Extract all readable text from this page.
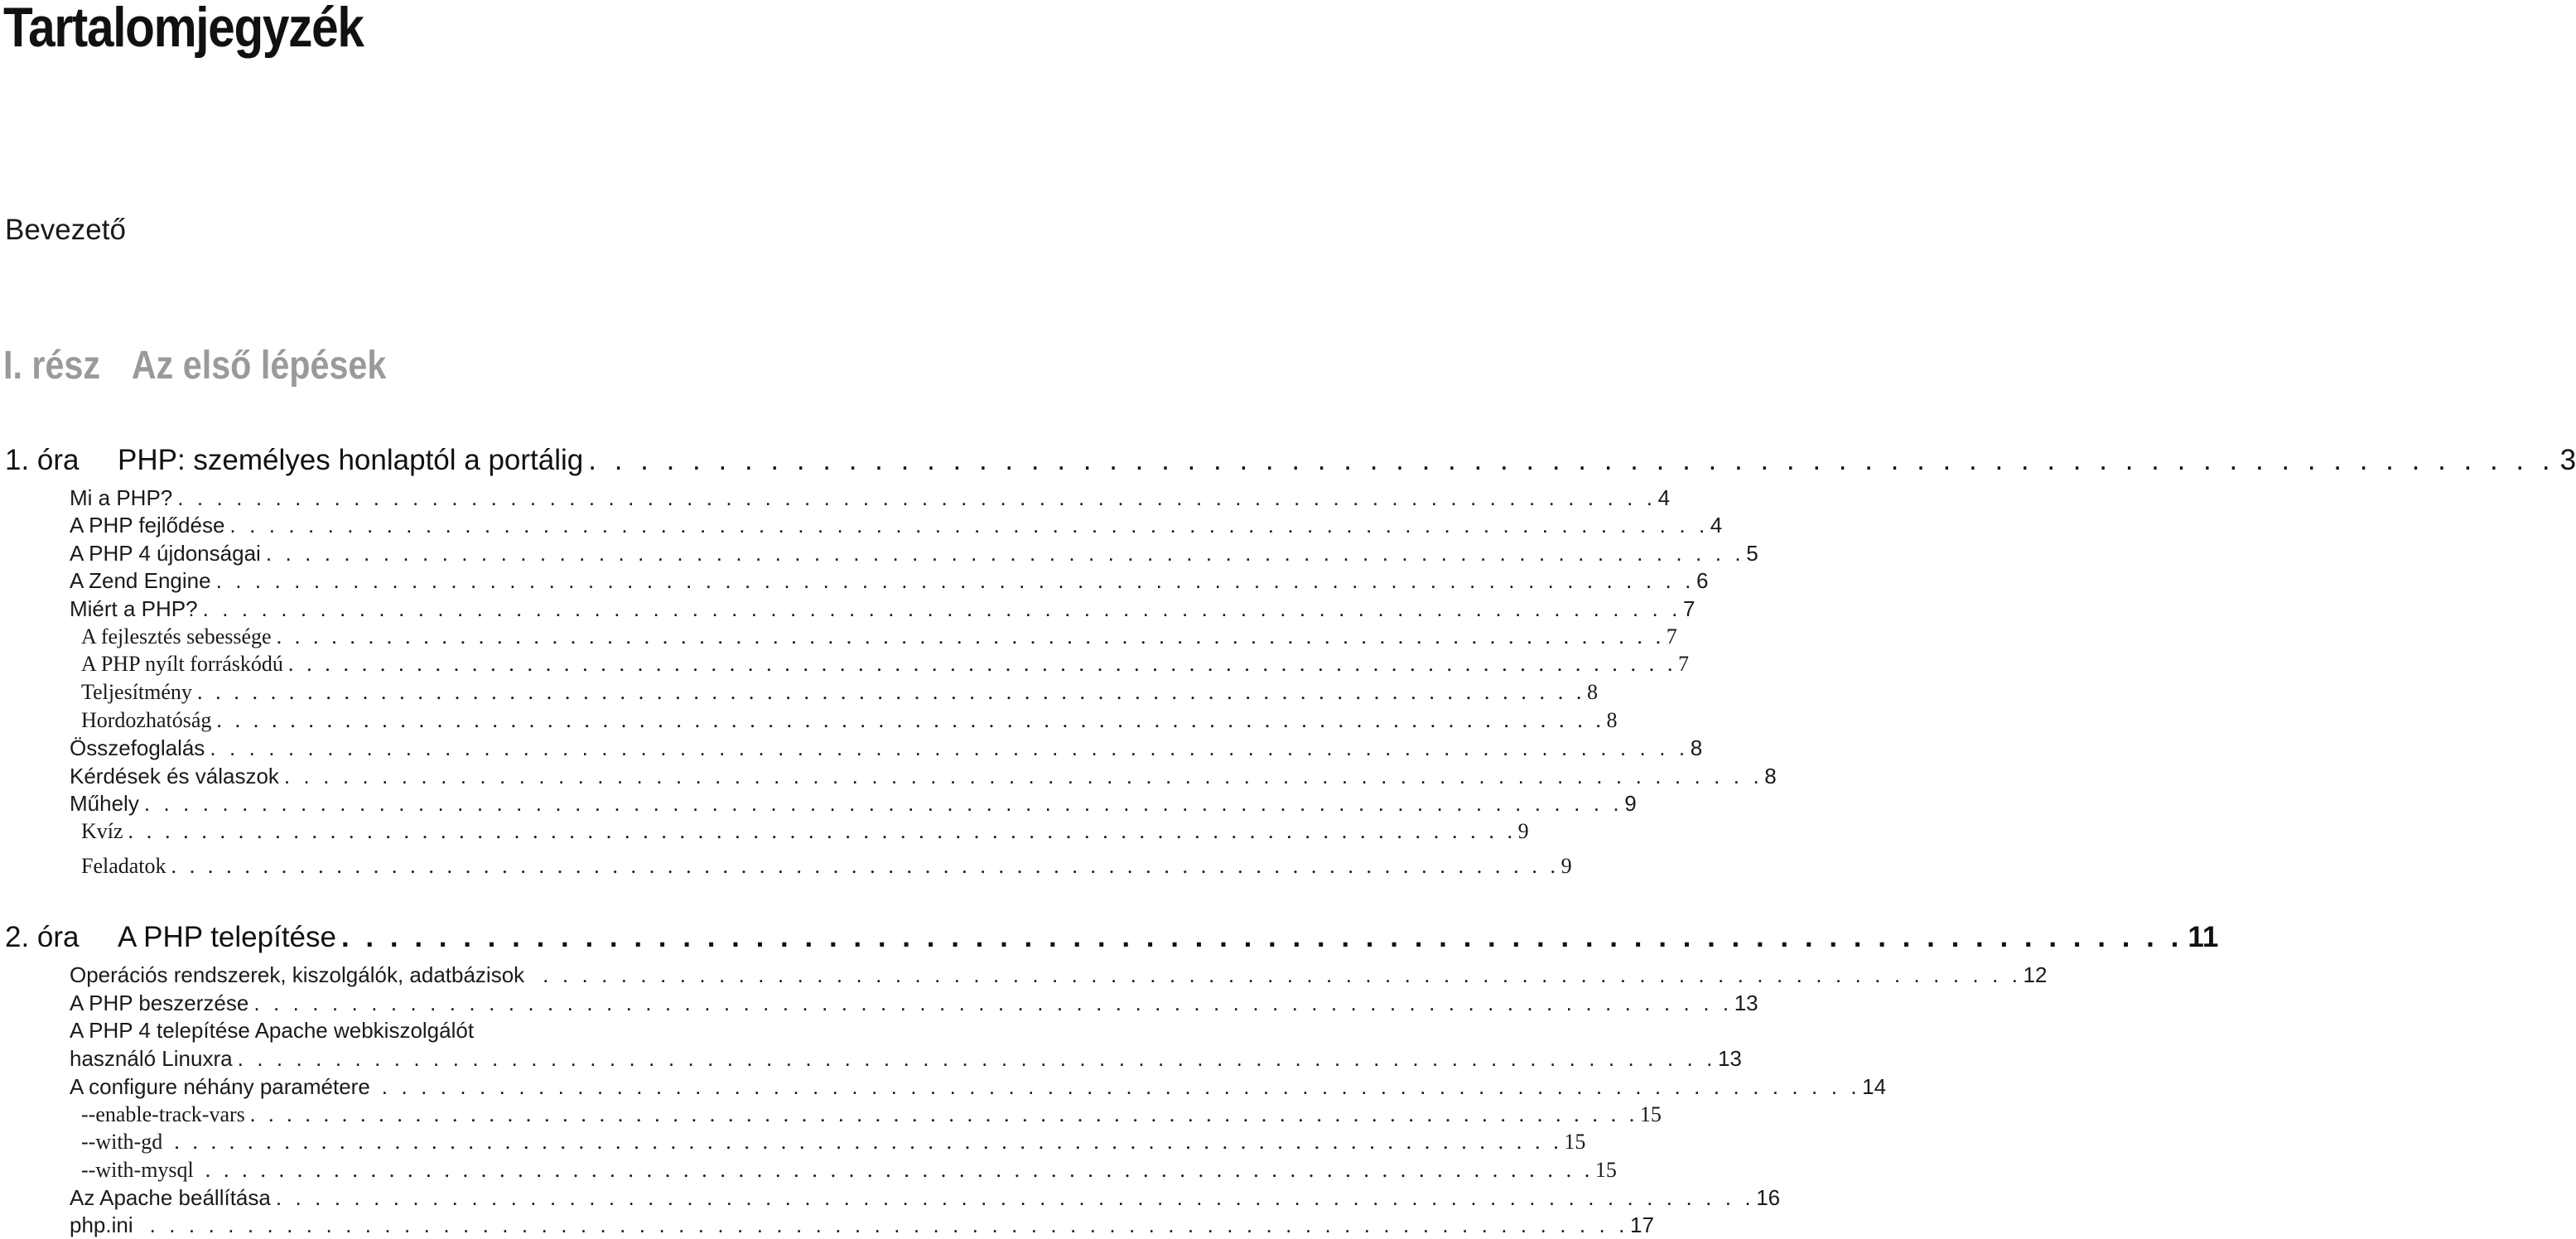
Tartalomjegyzék
Bevezető
I. rész Az első lépések
1. óra	PHP: személyes honlaptól a portálig . . . . . . . . . . . . . . . . . . . . . . . . . . . . . . . . . . . . . . . . . . . . . . . . . . . . . . . . . . . . . . . . . . . . . . . . . . . . 3
Mi a PHP? . . . . . . . . . . . . . . . . . . . . . . . . . . . . . . . . . . . . . . . . . . . . . . . . . . . . . . . . . . . . . . . . . . . . . . . . . . . . 4
A PHP fejlődése . . . . . . . . . . . . . . . . . . . . . . . . . . . . . . . . . . . . . . . . . . . . . . . . . . . . . . . . . . . . . . . . . . . . . . . . . . . . 4
A PHP 4 újdonságai . . . . . . . . . . . . . . . . . . . . . . . . . . . . . . . . . . . . . . . . . . . . . . . . . . . . . . . . . . . . . . . . . . . . . . . . . . . . 5
A Zend Engine . . . . . . . . . . . . . . . . . . . . . . . . . . . . . . . . . . . . . . . . . . . . . . . . . . . . . . . . . . . . . . . . . . . . . . . . . . . . 6
Miért a PHP? . . . . . . . . . . . . . . . . . . . . . . . . . . . . . . . . . . . . . . . . . . . . . . . . . . . . . . . . . . . . . . . . . . . . . . . . . . . . 7
A fejlesztés sebessége . . . . . . . . . . . . . . . . . . . . . . . . . . . . . . . . . . . . . . . . . . . . . . . . . . . . . . . . . . . . . . . . . . . . . . . . . . . . 7
A PHP nyílt forráskódú . . . . . . . . . . . . . . . . . . . . . . . . . . . . . . . . . . . . . . . . . . . . . . . . . . . . . . . . . . . . . . . . . . . . . . . . . . . . 7
Teljesítmény . . . . . . . . . . . . . . . . . . . . . . . . . . . . . . . . . . . . . . . . . . . . . . . . . . . . . . . . . . . . . . . . . . . . . . . . . . . . 8
Hordozhatóság . . . . . . . . . . . . . . . . . . . . . . . . . . . . . . . . . . . . . . . . . . . . . . . . . . . . . . . . . . . . . . . . . . . . . . . . . . . . 8
Összefoglalás . . . . . . . . . . . . . . . . . . . . . . . . . . . . . . . . . . . . . . . . . . . . . . . . . . . . . . . . . . . . . . . . . . . . . . . . . . . . 8
Kérdések és válaszok . . . . . . . . . . . . . . . . . . . . . . . . . . . . . . . . . . . . . . . . . . . . . . . . . . . . . . . . . . . . . . . . . . . . . . . . . . . . 8
Műhely . . . . . . . . . . . . . . . . . . . . . . . . . . . . . . . . . . . . . . . . . . . . . . . . . . . . . . . . . . . . . . . . . . . . . . . . . . . . 9
Kvíz . . . . . . . . . . . . . . . . . . . . . . . . . . . . . . . . . . . . . . . . . . . . . . . . . . . . . . . . . . . . . . . . . . . . . . . . . . . . 9
Feladatok . . . . . . . . . . . . . . . . . . . . . . . . . . . . . . . . . . . . . . . . . . . . . . . . . . . . . . . . . . . . . . . . . . . . . . . . . . . . 9
2. óra	A PHP telepítése . . . . . . . . . . . . . . . . . . . . . . . . . . . . . . . . . . . . . . . . . . . . . . . . . . . . . . . . . . . . . . . . . . . . . . . . . . . . 11
Operációs rendszerek, kiszolgálók, adatbázisok . . . . . . . . . . . . . . . . . . . . . . . . . . . . . . . . . . . . . . . . . . . . . . . . . . . . . . . . . . . . . . . . . . . . . . . . . . . . 12
A PHP beszerzése . . . . . . . . . . . . . . . . . . . . . . . . . . . . . . . . . . . . . . . . . . . . . . . . . . . . . . . . . . . . . . . . . . . . . . . . . . . . 13
A PHP 4 telepítése Apache webkiszolgálót
használó Linuxra . . . . . . . . . . . . . . . . . . . . . . . . . . . . . . . . . . . . . . . . . . . . . . . . . . . . . . . . . . . . . . . . . . . . . . . . . . . . 13
A configure néhány paramétere . . . . . . . . . . . . . . . . . . . . . . . . . . . . . . . . . . . . . . . . . . . . . . . . . . . . . . . . . . . . . . . . . . . . . . . . . . . . 14
--enable-track-vars . . . . . . . . . . . . . . . . . . . . . . . . . . . . . . . . . . . . . . . . . . . . . . . . . . . . . . . . . . . . . . . . . . . . . . . . . . . . 15
--with-gd . . . . . . . . . . . . . . . . . . . . . . . . . . . . . . . . . . . . . . . . . . . . . . . . . . . . . . . . . . . . . . . . . . . . . . . . . . . . 15
--with-mysql . . . . . . . . . . . . . . . . . . . . . . . . . . . . . . . . . . . . . . . . . . . . . . . . . . . . . . . . . . . . . . . . . . . . . . . . . . . . 15
Az Apache beállítása . . . . . . . . . . . . . . . . . . . . . . . . . . . . . . . . . . . . . . . . . . . . . . . . . . . . . . . . . . . . . . . . . . . . . . . . . . . . 16
php.ini . . . . . . . . . . . . . . . . . . . . . . . . . . . . . . . . . . . . . . . . . . . . . . . . . . . . . . . . . . . . . . . . . . . . . . . . . . . . 17
